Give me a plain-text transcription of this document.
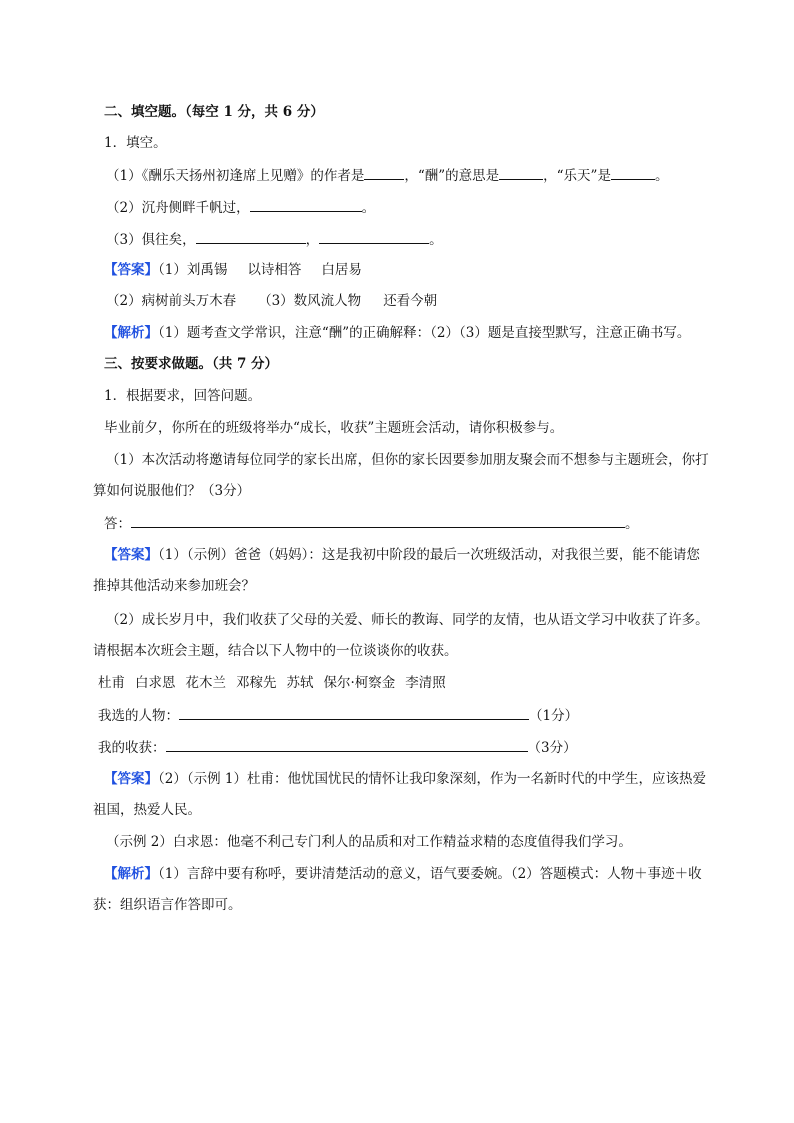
二、填空题。（每空 1 分，共 6 分）
1．填空。
（1）《酬乐天扬州初逢席上见赠》的作者是	，“酬”的意思是	，“乐天”是	。
（2）沉舟侧畔千帆过，	。
（3）俱往矣，	，	。
【答案】（1）刘禹锡 以诗相答 白居易
（2）病树前头万木春 （3）数风流人物 还看今朝
【解析】（1）题考查文学常识，注意“酬”的正确解释：（2）（3）题是直接型默写，注意正确书写。
三、按要求做题。（共 7 分）
1．根据要求，回答问题。
毕业前夕，你所在的班级将举办“成长，收获”主题班会活动，请你积极参与。
（1）本次活动将邀请每位同学的家长出席，但你的家长因要参加朋友聚会而不想参与主题班会，你打
算如何说服他们？（3分）
答：	。
【答案】（1）（示例）爸爸（妈妈）：这是我初中阶段的最后一次班级活动，对我很兰要，能不能请您
推掉其他活动来参加班会？
（2）成长岁月中，我们收获了父母的关爱、师长的教诲、同学的友情，也从语文学习中收获了许多。
请根据本次班会主题，结合以下人物中的一位谈谈你的收获。
杜甫 白求恩 花木兰 邓稼先 苏轼 保尔·柯察金 李清照
我选的人物：	（1分）
我的收获：	（3分）
【答案】（2）（示例 1）杜甫：他忧国忧民的情怀让我印象深刻，作为一名新时代的中学生，应该热爱
祖国，热爱人民。
（示例 2）白求恩：他毫不利己专门利人的品质和对工作精益求精的态度值得我们学习。
【解析】（1）言辞中要有称呼，要讲清楚活动的意义，语气要委婉。（2）答题模式：人物＋事迹＋收
获：组织语言作答即可。
